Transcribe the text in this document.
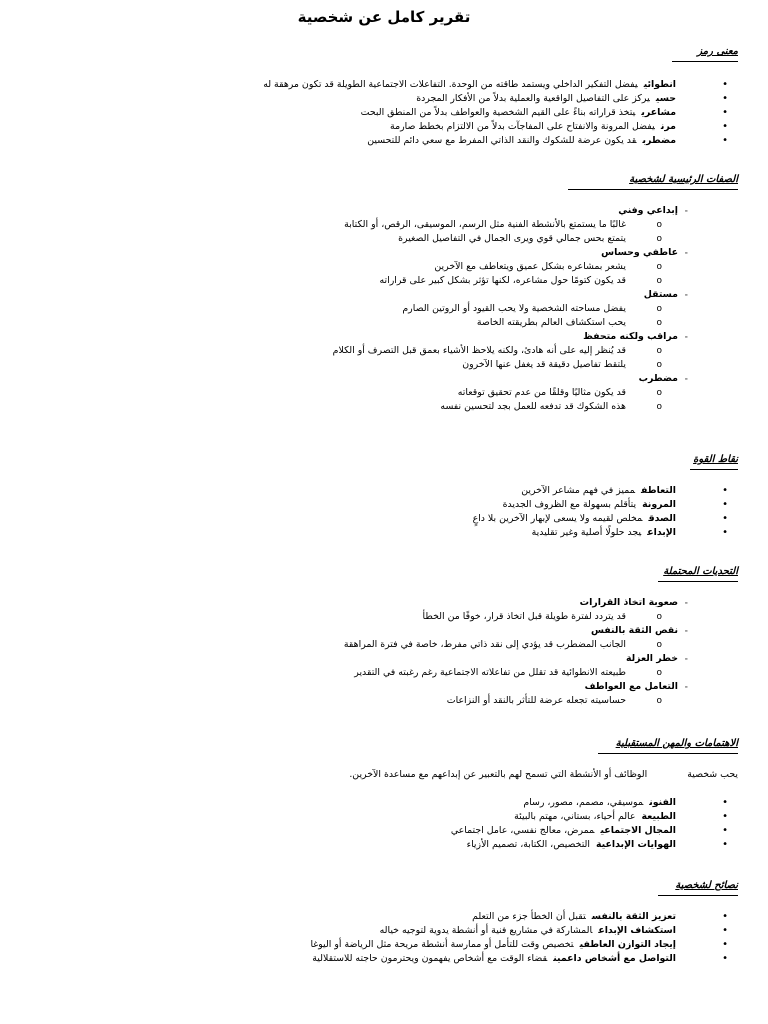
تقرير كامل عن شخصية
معنى رمز
• انطوائييفضل التفكير الداخلي ويستمد طاقته من الوحدة. التفاعلات الاجتماعية الطويلة قد تكون مرهقة له
• حسييركز على التفاصيل الواقعية والعملية بدلاً من الأفكار المجردة
• مشاعرييتخذ قراراته بناءً على القيم الشخصية والعواطف بدلاً من المنطق البحت
• مرنيفضل المرونة والانفتاح على المفاجآت بدلاً من الالتزام بخطط صارمة
• مضطربقد يكون عرضة للشكوك والنقد الذاتي المفرط مع سعي دائم للتحسين
الصفات الرئيسية لشخصية
- إبداعي وفني
o غالبًا ما يستمتع بالأنشطة الفنية مثل الرسم، الموسيقى، الرقص، أو الكتابة
o يتمتع بحس جمالي قوي ويرى الجمال في التفاصيل الصغيرة
- عاطفي وحساس
o يشعر بمشاعره بشكل عميق ويتعاطف مع الآخرين
o قد يكون كتومًا حول مشاعره، لكنها تؤثر بشكل كبير على قراراته
- مستقل
o يفضل مساحته الشخصية ولا يحب القيود أو الروتين الصارم
o يحب استكشاف العالم بطريقته الخاصة
- مراقب ولكنه متحفظ
o قد يُنظر إليه على أنه هادئ، ولكنه يلاحظ الأشياء بعمق قبل التصرف أو الكلام
o يلتقط تفاصيل دقيقة قد يغفل عنها الآخرون
- مضطرب
o قد يكون مثاليًا وقلقًا من عدم تحقيق توقعاته
o هذه الشكوك قد تدفعه للعمل بجد لتحسين نفسه
نقاط القوة
• التعاطفمميز في فهم مشاعر الآخرين
• المرونةيتأقلم بسهولة مع الظروف الجديدة
• الصدقمخلص لقيمه ولا يسعى لإبهار الآخرين بلا داعٍ
• الإبداعيجد حلولًا أصلية وغير تقليدية
التحديات المحتملة
- صعوبة اتخاذ القرارات
o قد يتردد لفترة طويلة قبل اتخاذ قرار، خوفًا من الخطأ
- نقص الثقة بالنفس
o الجانب المضطرب قد يؤدي إلى نقد ذاتي مفرط، خاصة في فترة المراهقة
- خطر العزلة
o طبيعته الانطوائية قد تقلل من تفاعلاته الاجتماعية رغم رغبته في التقدير
- التعامل مع العواطف
o حساسيته تجعله عرضة للتأثر بالنقد أو النزاعات
الاهتمامات والمهن المستقبلية
يحب شخصيةالوظائف أو الأنشطة التي تسمح لهم بالتعبير عن إبداعهم مع مساعدة الآخرين.
• الفنونموسيقي، مصمم، مصور، رسام
• الطبيعةعالم أحياء، بستاني، مهتم بالبيئة
• المجال الاجتماعيممرض، معالج نفسي، عامل اجتماعي
• الهوايات الإبداعيةالتخصيص، الكتابة، تصميم الأزياء
نصائح لشخصية
• تعزيز الثقة بالنفستقبل أن الخطأ جزء من التعلم
• استكشاف الإبداعالمشاركة في مشاريع فنية أو أنشطة يدوية لتوجيه خياله
• إيجاد التوازن العاطفيتخصيص وقت للتأمل أو ممارسة أنشطة مريحة مثل الرياضة أو اليوغا
• التواصل مع أشخاص داعمينقضاء الوقت مع أشخاص يفهمون ويحترمون حاجته للاستقلالية
